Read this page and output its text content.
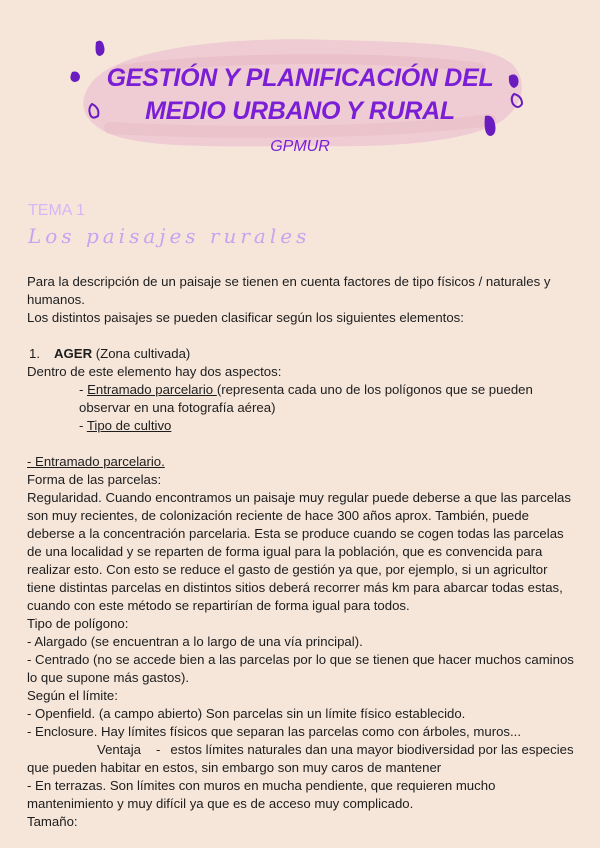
GESTIÓN Y PLANIFICACIÓN DEL
MEDIO URBANO Y RURAL
GPMUR
TEMA 1
Los paisajes rurales

Para la descripción de un paisaje se tienen en cuenta factores de tipo físicos / naturales y humanos.

Los distintos paisajes se pueden clasificar según los siguientes elementos:

1. AGER (Zona cultivada)

Dentro de este elemento hay dos aspectos:

- Entramado parcelario (representa cada uno de los polígonos que se pueden observar en una fotografía aérea)

- Tipo de cultivo

- Entramado parcelario.

Forma de las parcelas:

Regularidad. Cuando encontramos un paisaje muy regular puede deberse a que las parcelas son muy recientes, de colonización reciente de hace 300 años aprox. También, puede deberse a la concentración parcelaria. Esta se produce cuando se cogen todas las parcelas de una localidad y se reparten de forma igual para la población, que es convencida para realizar esto. Con esto se reduce el gasto de gestión ya que, por ejemplo, si un agricultor tiene distintas parcelas en distintos sitios deberá recorrer más km para abarcar todas estas, cuando con este método se repartirían de forma igual para todos.

Tipo de polígono:

- Alargado (se encuentran a lo largo de una vía principal).

- Centrado (no se accede bien a las parcelas por lo que se tienen que hacer muchos caminos lo que supone más gastos).

Según el límite:

- Openfield. (a campo abierto) Son parcelas sin un límite físico establecido.

- Enclosure. Hay límites físicos que separan las parcelas como con árboles, muros...

Ventaja - estos límites naturales dan una mayor biodiversidad por las especies que pueden habitar en estos, sin embargo son muy caros de mantener

- En terrazas. Son límites con muros en mucha pendiente, que requieren mucho mantenimiento y muy difícil ya que es de acceso muy complicado.

Tamaño:
